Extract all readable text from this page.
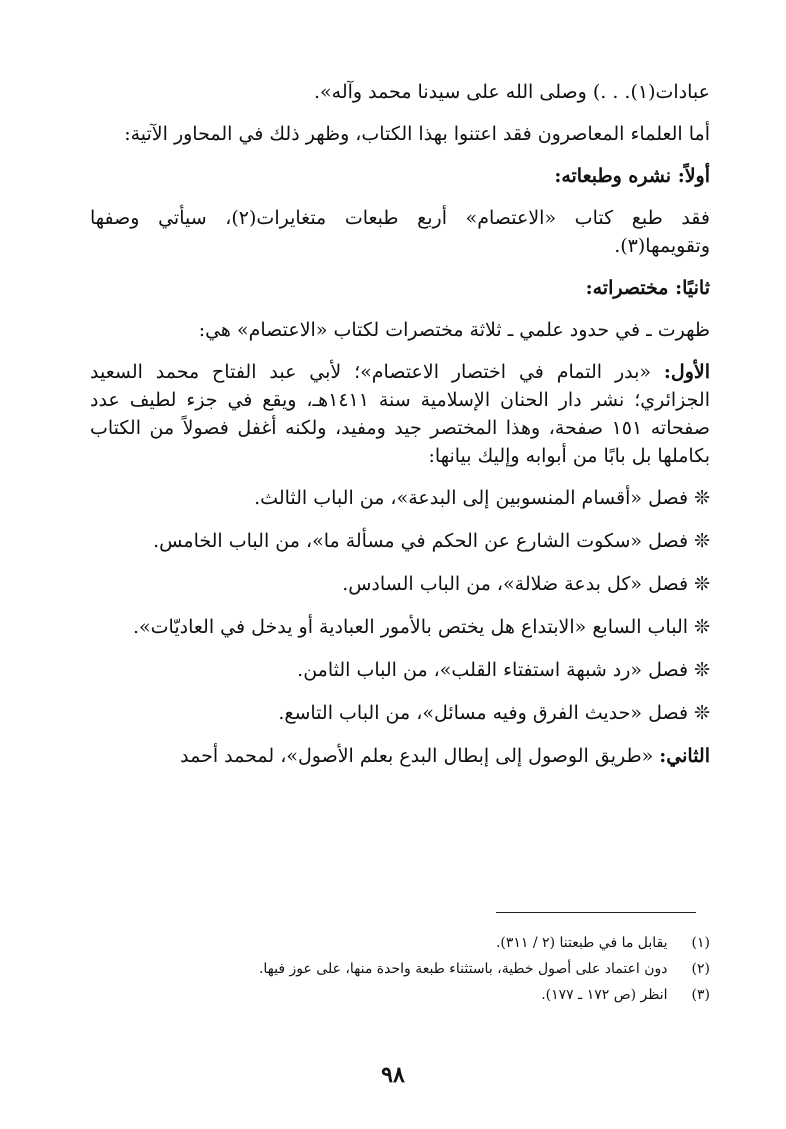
عبادات(١). . .) وصلى الله على سيدنا محمد وآله».

أما العلماء المعاصرون فقد اعتنوا بهذا الكتاب، وظهر ذلك في المحاور الآتية:

أولاً: نشره وطبعاته:

فقد طبع كتاب «الاعتصام» أربع طبعات متغايرات(٢)، سيأتي وصفها وتقويمها(٣).

ثانيًا: مختصراته:

ظهرت ـ في حدود علمي ـ ثلاثة مختصرات لكتاب «الاعتصام» هي:

الأول: «بدر التمام في اختصار الاعتصام»؛ لأبي عبد الفتاح محمد السعيد الجزائري؛ نشر دار الحنان الإسلامية سنة ١٤١١هـ، ويقع في جزء لطيف عدد صفحاته ١٥١ صفحة، وهذا المختصر جيد ومفيد، ولكنه أغفل فصولاً من الكتاب بكاملها بل بابًا من أبوابه وإليك بيانها:

❊ فصل «أقسام المنسوبين إلى البدعة»، من الباب الثالث.

❊ فصل «سكوت الشارع عن الحكم في مسألة ما»، من الباب الخامس.

❊ فصل «كل بدعة ضلالة»، من الباب السادس.

❊ الباب السابع «الابتداع هل يختص بالأمور العبادية أو يدخل في العاديّات».

❊ فصل «رد شبهة استفتاء القلب»، من الباب الثامن.

❊ فصل «حديث الفرق وفيه مسائل»، من الباب التاسع.

الثاني: «طريق الوصول إلى إبطال البدع بعلم الأصول»، لمحمد أحمد

(١) يقابل ما في طبعتنا (٢ / ٣١١).
(٢) دون اعتماد على أصول خطية، باستثناء طبعة واحدة منها، على عوز فيها.
(٣) انظر (ص ١٧٢ ـ ١٧٧).
٩٨
